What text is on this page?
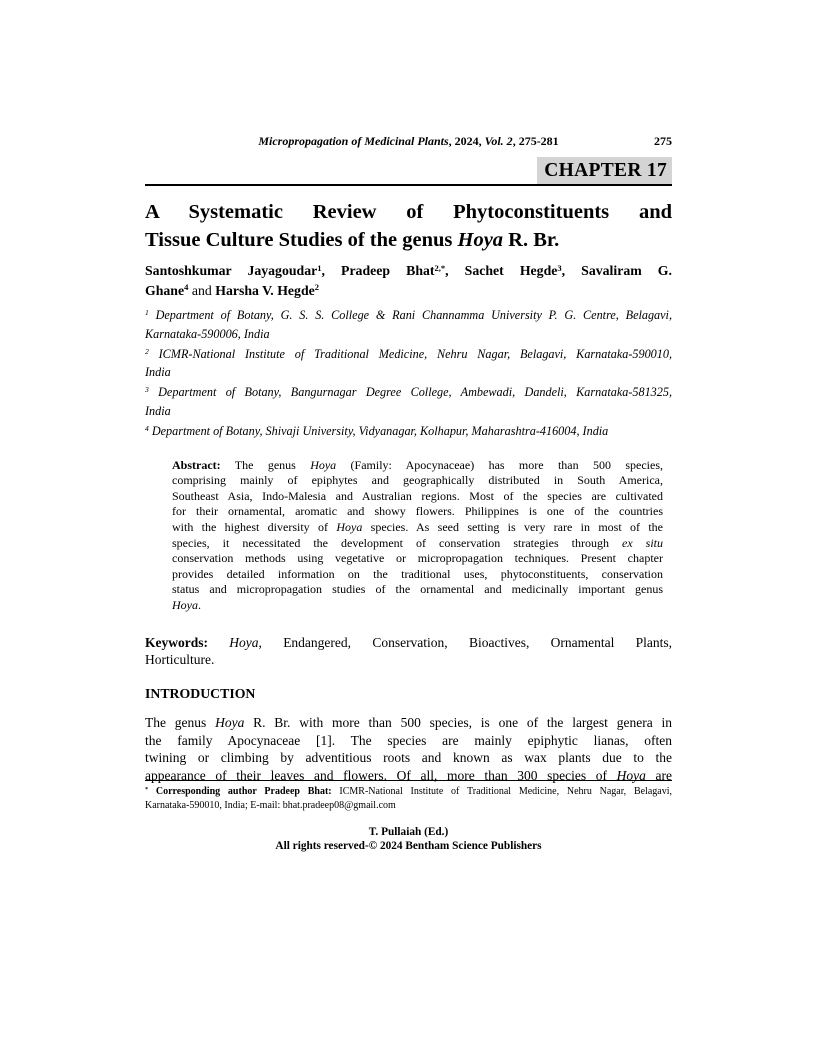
Micropropagation of Medicinal Plants, 2024, Vol. 2, 275-281	275
CHAPTER 17
A Systematic Review of Phytoconstituents and
Tissue Culture Studies of the genus Hoya R. Br.
Santoshkumar Jayagoudar$^1$, Pradeep Bhat$^{2,*}$, Sachet Hegde$^3$, Savaliram G.
Ghane$^4$ and Harsha V. Hegde$^2$
$^1$ Department of Botany, G. S. S. College & Rani Channamma University P. G. Centre, Belagavi,
Karnataka-590006, India
$^2$ ICMR-National Institute of Traditional Medicine, Nehru Nagar, Belagavi, Karnataka-590010,
India
$^3$ Department of Botany, Bangurnagar Degree College, Ambewadi, Dandeli, Karnataka-581325,
India
$^4$ Department of Botany, Shivaji University, Vidyanagar, Kolhapur, Maharashtra-416004, India
Abstract: The genus Hoya (Family: Apocynaceae) has more than 500 species,
comprising mainly of epiphytes and geographically distributed in South America,
Southeast Asia, Indo-Malesia and Australian regions. Most of the species are cultivated
for their ornamental, aromatic and showy flowers. Philippines is one of the countries
with the highest diversity of Hoya species. As seed setting is very rare in most of the
species, it necessitated the development of conservation strategies through ex situ
conservation methods using vegetative or micropropagation techniques. Present chapter
provides detailed information on the traditional uses, phytoconstituents, conservation
status and micropropagation studies of the ornamental and medicinally important genus
Hoya.
Keywords: Hoya, Endangered, Conservation, Bioactives, Ornamental Plants,
Horticulture.
INTRODUCTION
The genus Hoya R. Br. with more than 500 species, is one of the largest genera in
the family Apocynaceae [1]. The species are mainly epiphytic lianas, often
twining or climbing by adventitious roots and known as wax plants due to the
appearance of their leaves and flowers. Of all, more than 300 species of Hoya are
* Corresponding author Pradeep Bhat: ICMR-National Institute of Traditional Medicine, Nehru Nagar, Belagavi,
Karnataka-590010, India; E-mail: bhat.pradeep08@gmail.com
T. Pullaiah (Ed.)
All rights reserved-© 2024 Bentham Science Publishers
